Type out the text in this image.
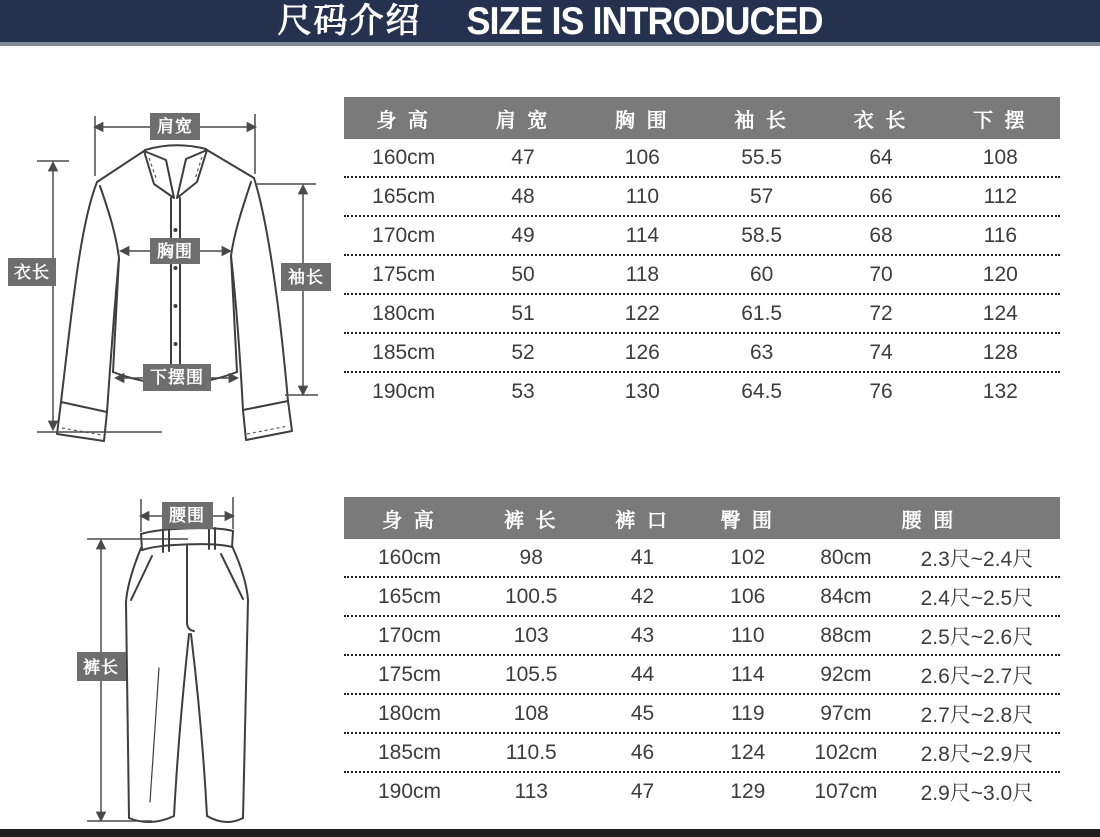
尺码介绍 SIZE IS INTRODUCED
肩宽
衣长
胸围
袖长
下摆围
腰围
裤长
身 高	肩 宽	胸 围	袖 长	衣 长	下 摆
160cm	47	106	55.5	64	108
165cm	48	110	57	66	112
170cm	49	114	58.5	68	116
175cm	50	118	60	70	120
180cm	51	122	61.5	72	124
185cm	52	126	63	74	128
190cm	53	130	64.5	76	132
身 高	裤 长	裤 口	臀 围	腰 围
160cm	98	41	102	80cm	2.3尺~2.4尺
165cm	100.5	42	106	84cm	2.4尺~2.5尺
170cm	103	43	110	88cm	2.5尺~2.6尺
175cm	105.5	44	114	92cm	2.6尺~2.7尺
180cm	108	45	119	97cm	2.7尺~2.8尺
185cm	110.5	46	124	102cm	2.8尺~2.9尺
190cm	113	47	129	107cm	2.9尺~3.0尺
